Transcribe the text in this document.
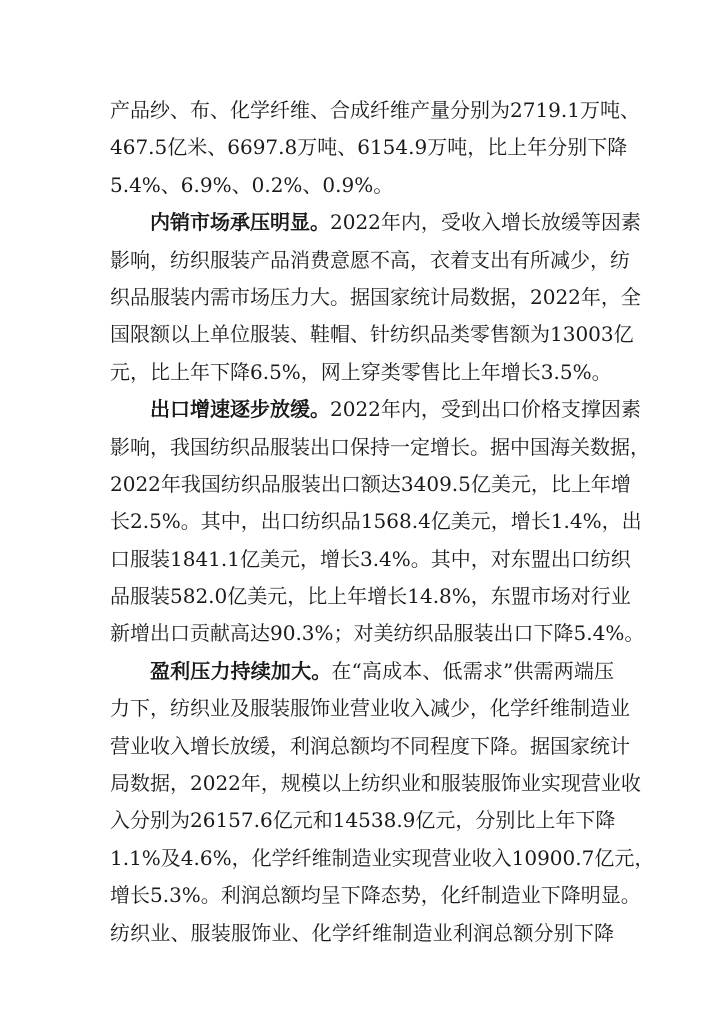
产品纱、布、化学纤维、合成纤维产量分别为2719.1万吨、
467.5亿米、6697.8万吨、6154.9万吨，比上年分别下降
5.4%、6.9%、0.2%、0.9%。
内销市场承压明显。2022年内，受收入增长放缓等因素
影响，纺织服装产品消费意愿不高，衣着支出有所减少，纺
织品服装内需市场压力大。据国家统计局数据，2022年，全
国限额以上单位服装、鞋帽、针纺织品类零售额为13003亿
元，比上年下降6.5%，网上穿类零售比上年增长3.5%。
出口增速逐步放缓。2022年内，受到出口价格支撑因素
影响，我国纺织品服装出口保持一定增长。据中国海关数据，
2022年我国纺织品服装出口额达3409.5亿美元，比上年增
长2.5%。其中，出口纺织品1568.4亿美元，增长1.4%，出
口服装1841.1亿美元，增长3.4%。其中，对东盟出口纺织
品服装582.0亿美元，比上年增长14.8%，东盟市场对行业
新增出口贡献高达90.3%；对美纺织品服装出口下降5.4%。
盈利压力持续加大。在“高成本、低需求”供需两端压
力下，纺织业及服装服饰业营业收入减少，化学纤维制造业
营业收入增长放缓，利润总额均不同程度下降。据国家统计
局数据，2022年，规模以上纺织业和服装服饰业实现营业收
入分别为26157.6亿元和14538.9亿元，分别比上年下降
1.1%及4.6%，化学纤维制造业实现营业收入10900.7亿元，
增长5.3%。利润总额均呈下降态势，化纤制造业下降明显。
纺织业、服装服饰业、化学纤维制造业利润总额分别下降
